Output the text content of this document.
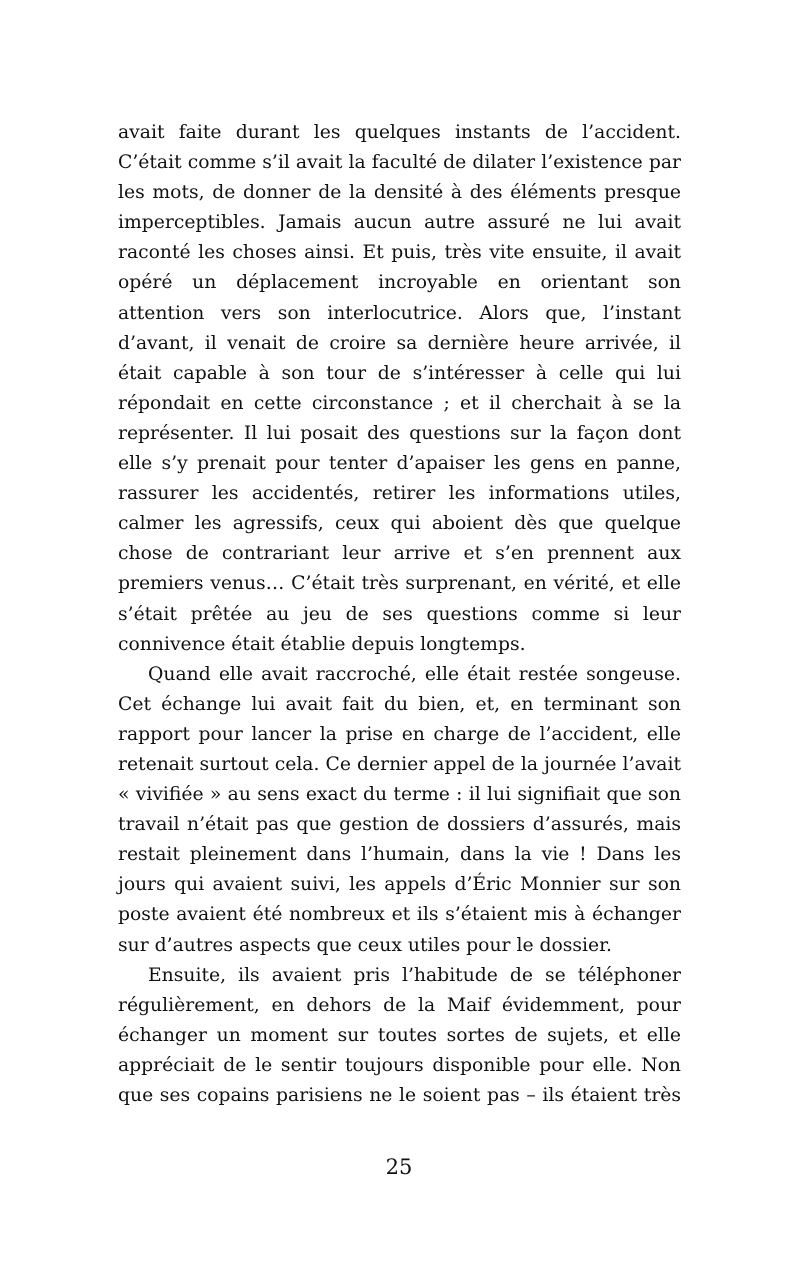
avait faite durant les quelques instants de l’accident. C’était comme s’il avait la faculté de dilater l’existence par les mots, de donner de la densité à des éléments presque imperceptibles. Jamais aucun autre assuré ne lui avait raconté les choses ainsi. Et puis, très vite ensuite, il avait opéré un déplacement incroyable en orientant son attention vers son interlocutrice. Alors que, l’instant d’avant, il venait de croire sa dernière heure arrivée, il était capable à son tour de s’intéresser à celle qui lui répondait en cette circonstance ; et il cherchait à se la représenter. Il lui posait des questions sur la façon dont elle s’y prenait pour tenter d’apaiser les gens en panne, rassurer les accidentés, retirer les informations utiles, calmer les agressifs, ceux qui aboient dès que quelque chose de contrariant leur arrive et s’en prennent aux premiers venus… C’était très surprenant, en vérité, et elle s’était prêtée au jeu de ses questions comme si leur connivence était établie depuis longtemps.

Quand elle avait raccroché, elle était restée songeuse. Cet échange lui avait fait du bien, et, en terminant son rapport pour lancer la prise en charge de l’accident, elle retenait surtout cela. Ce dernier appel de la journée l’avait « vivifiée » au sens exact du terme : il lui signifiait que son travail n’était pas que gestion de dossiers d’assurés, mais restait pleinement dans l’humain, dans la vie ! Dans les jours qui avaient suivi, les appels d’Éric Monnier sur son poste avaient été nombreux et ils s’étaient mis à échanger sur d’autres aspects que ceux utiles pour le dossier.

Ensuite, ils avaient pris l’habitude de se téléphoner régulièrement, en dehors de la Maif évidemment, pour échanger un moment sur toutes sortes de sujets, et elle appréciait de le sentir toujours disponible pour elle. Non que ses copains parisiens ne le soient pas – ils étaient très

25
